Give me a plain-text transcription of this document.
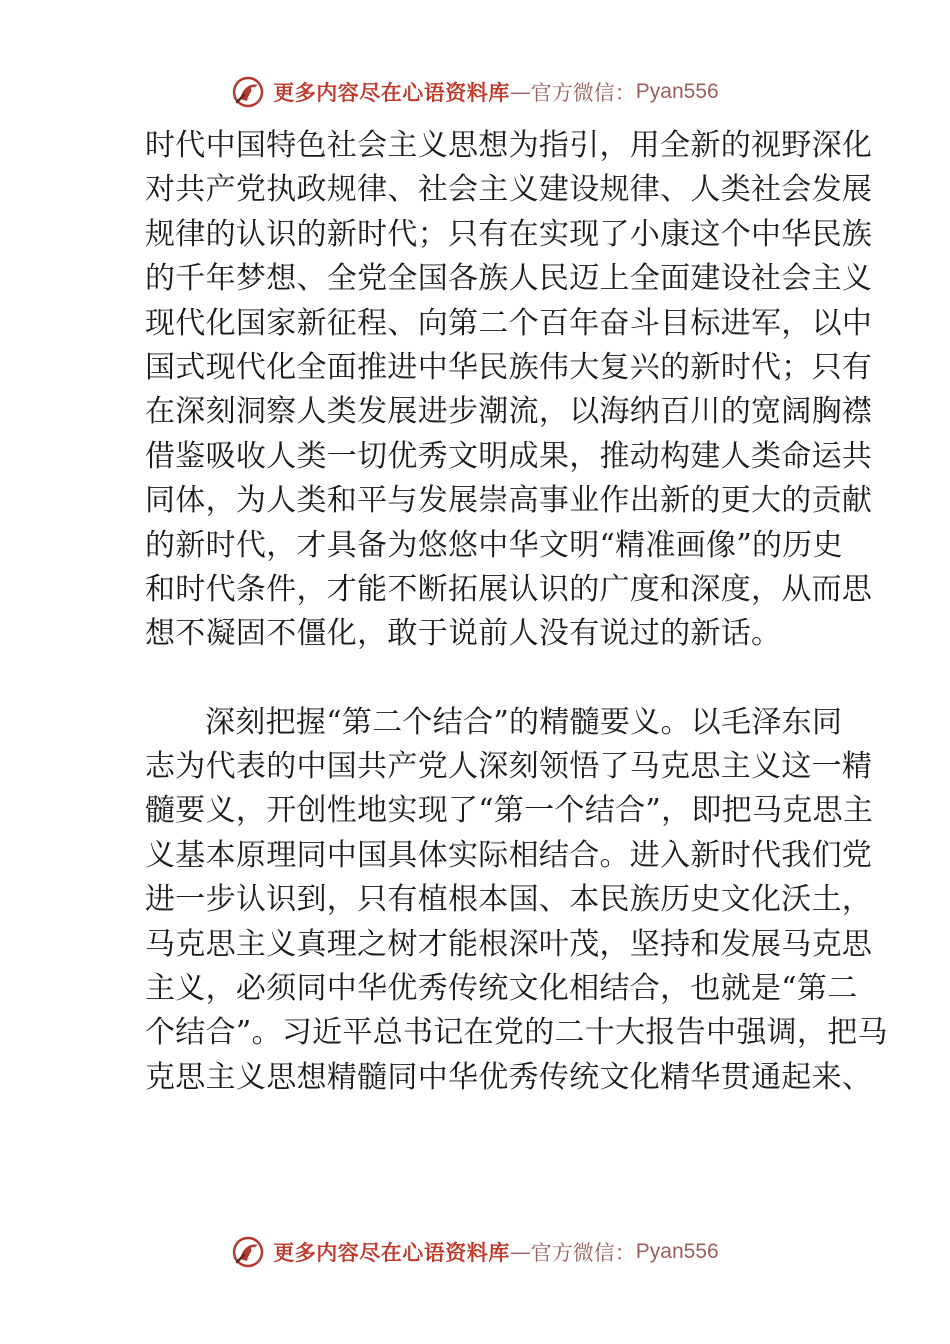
更多内容尽在心语资料库 — 官方微信： Pyan556

时代中国特色社会主义思想为指引，用全新的视野深化
对共产党执政规律、社会主义建设规律、人类社会发展
规律的认识的新时代；只有在实现了小康这个中华民族
的千年梦想、全党全国各族人民迈上全面建设社会主义
现代化国家新征程、向第二个百年奋斗目标进军，以中
国式现代化全面推进中华民族伟大复兴的新时代；只有
在深刻洞察人类发展进步潮流，以海纳百川的宽阔胸襟
借鉴吸收人类一切优秀文明成果，推动构建人类命运共
同体，为人类和平与发展崇高事业作出新的更大的贡献
的新时代，才具备为悠悠中华文明“精准画像”的历史
和时代条件，才能不断拓展认识的广度和深度，从而思
想不凝固不僵化，敢于说前人没有说过的新话。

深刻把握“第二个结合”的精髓要义。以毛泽东同
志为代表的中国共产党人深刻领悟了马克思主义这一精
髓要义，开创性地实现了“第一个结合”，即把马克思主
义基本原理同中国具体实际相结合。进入新时代我们党
进一步认识到，只有植根本国、本民族历史文化沃土，
马克思主义真理之树才能根深叶茂，坚持和发展马克思
主义，必须同中华优秀传统文化相结合，也就是“第二
个结合”。习近平总书记在党的二十大报告中强调，把马
克思主义思想精髓同中华优秀传统文化精华贯通起来、

更多内容尽在心语资料库 — 官方微信： Pyan556
